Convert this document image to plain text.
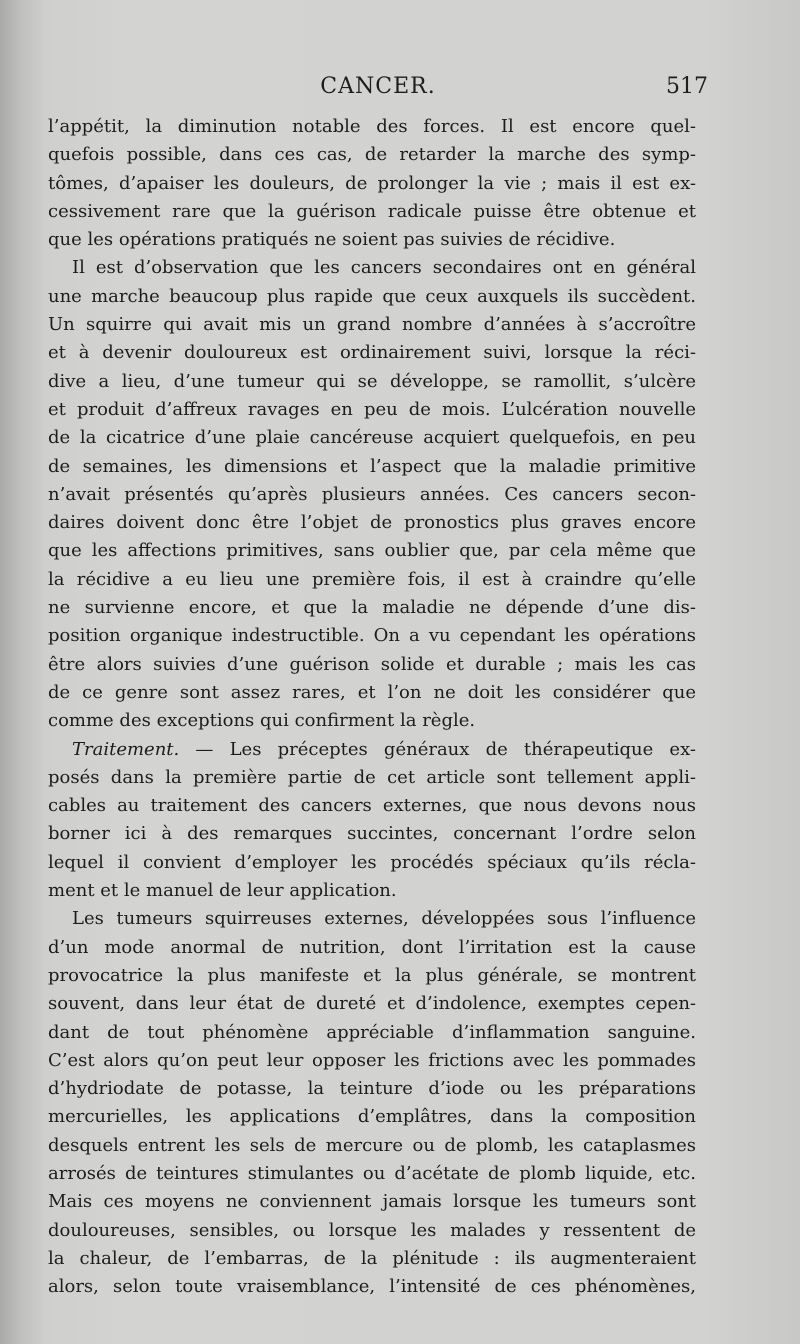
CANCER.	517
l’appétit, la diminution notable des forces. Il est encore quel-
quefois possible, dans ces cas, de retarder la marche des symp-
tômes, d’apaiser les douleurs, de prolonger la vie ; mais il est ex-
cessivement rare que la guérison radicale puisse être obtenue et
que les opérations pratiqués ne soient pas suivies de récidive.
Il est d’observation que les cancers secondaires ont en général
une marche beaucoup plus rapide que ceux auxquels ils succèdent.
Un squirre qui avait mis un grand nombre d’années à s’accroître
et à devenir douloureux est ordinairement suivi, lorsque la réci-
dive a lieu, d’une tumeur qui se développe, se ramollit, s’ulcère
et produit d’affreux ravages en peu de mois. L’ulcération nouvelle
de la cicatrice d’une plaie cancéreuse acquiert quelquefois, en peu
de semaines, les dimensions et l’aspect que la maladie primitive
n’avait présentés qu’après plusieurs années. Ces cancers secon-
daires doivent donc être l’objet de pronostics plus graves encore
que les affections primitives, sans oublier que, par cela même que
la récidive a eu lieu une première fois, il est à craindre qu’elle
ne survienne encore, et que la maladie ne dépende d’une dis-
position organique indestructible. On a vu cependant les opérations
être alors suivies d’une guérison solide et durable ; mais les cas
de ce genre sont assez rares, et l’on ne doit les considérer que
comme des exceptions qui confirment la règle.
Traitement. — Les préceptes généraux de thérapeutique ex-
posés dans la première partie de cet article sont tellement appli-
cables au traitement des cancers externes, que nous devons nous
borner ici à des remarques succintes, concernant l’ordre selon
lequel il convient d’employer les procédés spéciaux qu’ils récla-
ment et le manuel de leur application.
Les tumeurs squirreuses externes, développées sous l’influence
d’un mode anormal de nutrition, dont l’irritation est la cause
provocatrice la plus manifeste et la plus générale, se montrent
souvent, dans leur état de dureté et d’indolence, exemptes cepen-
dant de tout phénomène appréciable d’inflammation sanguine.
C’est alors qu’on peut leur opposer les frictions avec les pommades
d’hydriodate de potasse, la teinture d’iode ou les préparations
mercurielles, les applications d’emplâtres, dans la composition
desquels entrent les sels de mercure ou de plomb, les cataplasmes
arrosés de teintures stimulantes ou d’acétate de plomb liquide, etc.
Mais ces moyens ne conviennent jamais lorsque les tumeurs sont
douloureuses, sensibles, ou lorsque les malades y ressentent de
la chaleur, de l’embarras, de la plénitude : ils augmenteraient
alors, selon toute vraisemblance, l’intensité de ces phénomènes,
